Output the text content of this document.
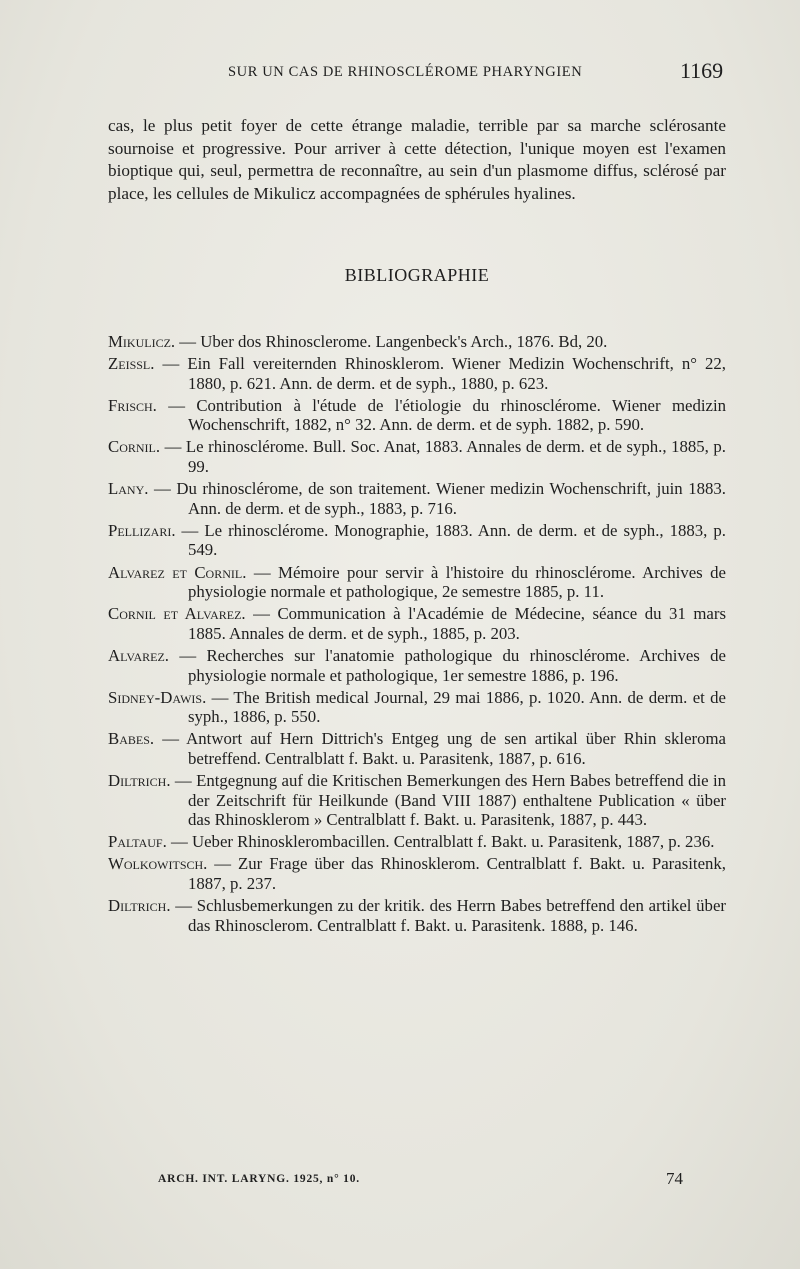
SUR UN CAS DE RHINOSCLÉROME PHARYNGIEN	1169

cas, le plus petit foyer de cette étrange maladie, terrible par sa marche sclérosante sournoise et progressive. Pour arriver à cette détection, l'unique moyen est l'examen bioptique qui, seul, permettra de reconnaître, au sein d'un plasmome diffus, sclérosé par place, les cellules de Mikulicz accompagnées de sphérules hyalines.

BIBLIOGRAPHIE

Mikulicz. — Uber dos Rhinosclerome. Langenbeck's Arch., 1876. Bd, 20.

Zeissl. — Ein Fall vereiternden Rhinosklerom. Wiener Medizin Wochenschrift, n° 22, 1880, p. 621. Ann. de derm. et de syph., 1880, p. 623.

Frisch. — Contribution à l'étude de l'étiologie du rhinosclérome. Wiener medizin Wochenschrift, 1882, n° 32. Ann. de derm. et de syph. 1882, p. 590.

Cornil. — Le rhinosclérome. Bull. Soc. Anat, 1883. Annales de derm. et de syph., 1885, p. 99.

Lany. — Du rhinosclérome, de son traitement. Wiener medizin Wochenschrift, juin 1883. Ann. de derm. et de syph., 1883, p. 716.

Pellizari. — Le rhinosclérome. Monographie, 1883. Ann. de derm. et de syph., 1883, p. 549.

Alvarez et Cornil. — Mémoire pour servir à l'histoire du rhinosclérome. Archives de physiologie normale et pathologique, 2e semestre 1885, p. 11.

Cornil et Alvarez. — Communication à l'Académie de Médecine, séance du 31 mars 1885. Annales de derm. et de syph., 1885, p. 203.

Alvarez. — Recherches sur l'anatomie pathologique du rhinosclérome. Archives de physiologie normale et pathologique, 1er semestre 1886, p. 196.

Sidney-Dawis. — The British medical Journal, 29 mai 1886, p. 1020. Ann. de derm. et de syph., 1886, p. 550.

Babes. — Antwort auf Hern Dittrich's Entgeg ung de sen artikal über Rhin skleroma betreffend. Centralblatt f. Bakt. u. Parasitenk, 1887, p. 616.

Diltrich. — Entgegnung auf die Kritischen Bemerkungen des Hern Babes betreffend die in der Zeitschrift für Heilkunde (Band VIII 1887) enthaltene Publication « über das Rhinosklerom » Centralblatt f. Bakt. u. Parasitenk, 1887, p. 443.

Paltauf. — Ueber Rhinosklerombacillen. Centralblatt f. Bakt. u. Parasitenk, 1887, p. 236.

Wolkowitsch. — Zur Frage über das Rhinosklerom. Centralblatt f. Bakt. u. Parasitenk, 1887, p. 237.

Diltrich. — Schlusbemerkungen zu der kritik. des Herrn Babes betreffend den artikel über das Rhinosclerom. Centralblatt f. Bakt. u. Parasitenk. 1888, p. 146.

ARCH. INT. LARYNG. 1925, n° 10.	74
